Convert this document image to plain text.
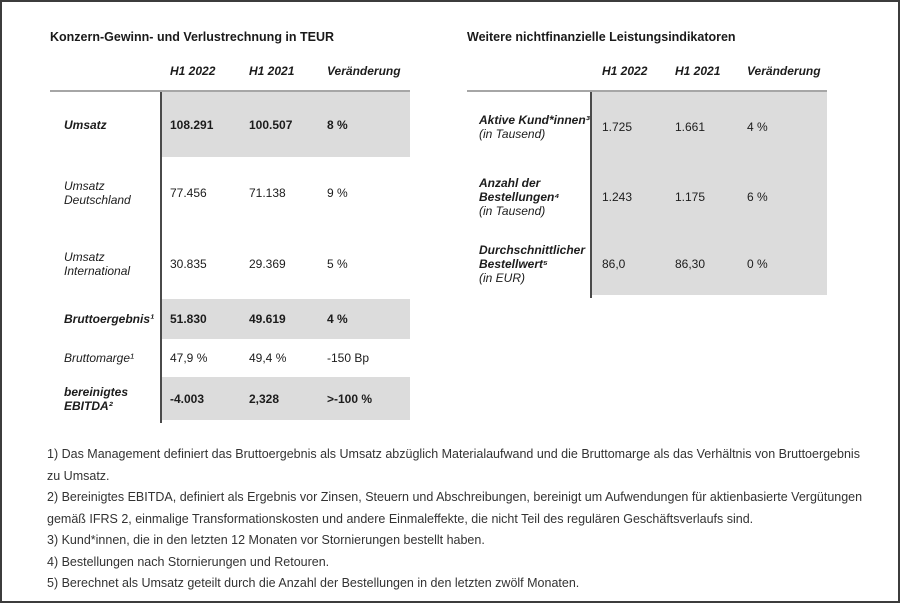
Konzern-Gewinn- und Verlustrechnung in TEUR
H1 2022	H1 2021	Veränderung
Umsatz	108.291	100.507	8 %
Umsatz Deutschland	77.456	71.138	9 %
Umsatz International	30.835	29.369	5 %
Bruttoergebnis¹ 51.830	49.619	4 %
Bruttomarge¹	47,9 %	49,4 %	-150 Bp
bereinigtes EBITDA²	-4.003	2,328	>-100 %
Weitere nichtfinanzielle Leistungsindikatoren
H1 2022 H1 2021 Veränderung
Aktive Kund*innen³ (in Tausend)	1.725	1.661	4 %
Anzahl der Bestellungen⁴
(in Tausend)
1.243	1.175	6 %
Durchschnittlicher Bestellwert⁵
(in EUR)
86,0	86,30	0 %

1) Das Management definiert das Bruttoergebnis als Umsatz abzüglich Materialaufwand und die Bruttomarge als das Verhältnis von Bruttoergebnis zu Umsatz.

2) Bereinigtes EBITDA, definiert als Ergebnis vor Zinsen, Steuern und Abschreibungen, bereinigt um Aufwendungen für aktienbasierte Vergütungen gemäß IFRS 2, einmalige Transformationskosten und andere Einmaleffekte, die nicht Teil des regulären Geschäftsverlaufs sind.

3) Kund*innen, die in den letzten 12 Monaten vor Stornierungen bestellt haben.

4) Bestellungen nach Stornierungen und Retouren.

5) Berechnet als Umsatz geteilt durch die Anzahl der Bestellungen in den letzten zwölf Monaten.
